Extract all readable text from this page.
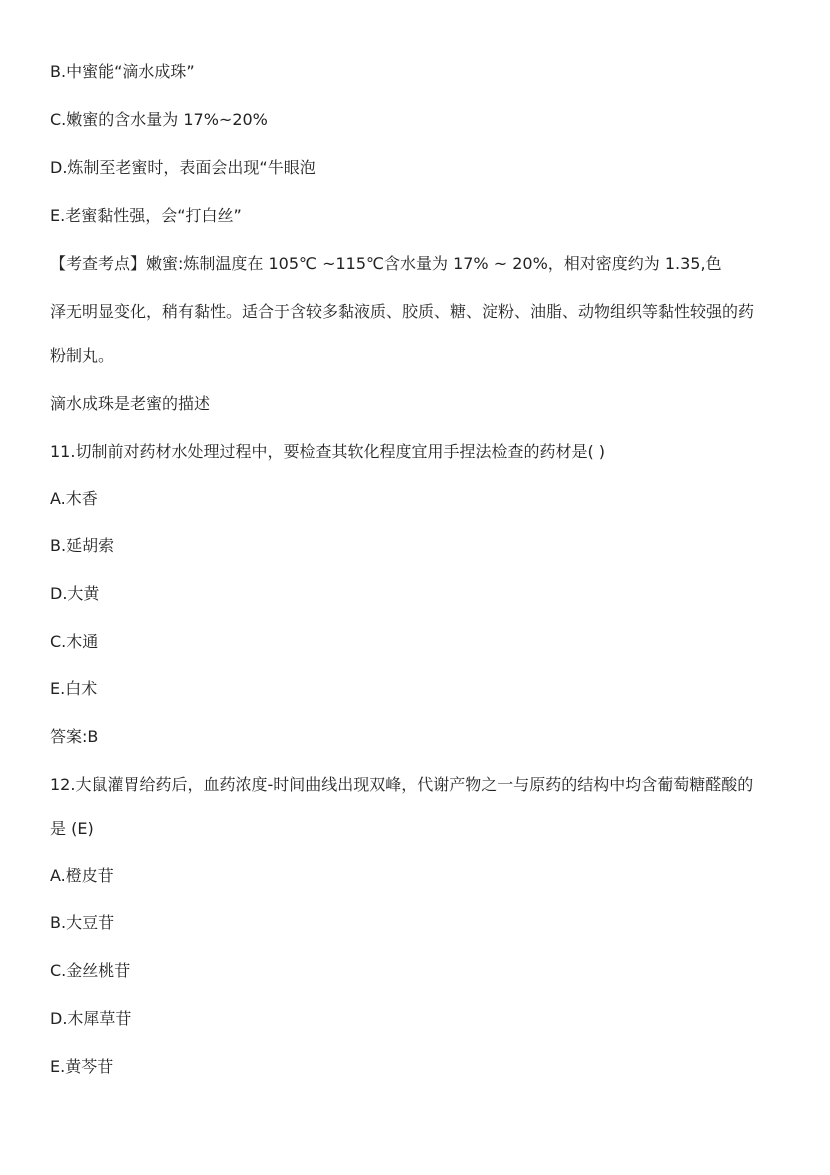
B.中蜜能“滴水成珠”
C.嫩蜜的含水量为 17%~20%
D.炼制至老蜜时，表面会出现“牛眼泡
E.老蜜黏性强，会“打白丝”
【考查考点】嫩蜜:炼制温度在 105℃ ~115℃含水量为 17% ~ 20%，相对密度约为 1.35,色
泽无明显变化，稍有黏性。适合于含较多黏液质、胶质、糖、淀粉、油脂、动物组织等黏性较强的药
粉制丸。
滴水成珠是老蜜的描述
11.切制前对药材水处理过程中，要检查其软化程度宜用手捏法检查的药材是( )
A.木香
B.延胡索
D.大黄
C.木通
E.白术
答案:B
12.大鼠灌胃给药后，血药浓度-时间曲线出现双峰，代谢产物之一与原药的结构中均含葡萄糖醛酸的
是 (E)
A.橙皮苷
B.大豆苷
C.金丝桃苷
D.木犀草苷
E.黄芩苷
